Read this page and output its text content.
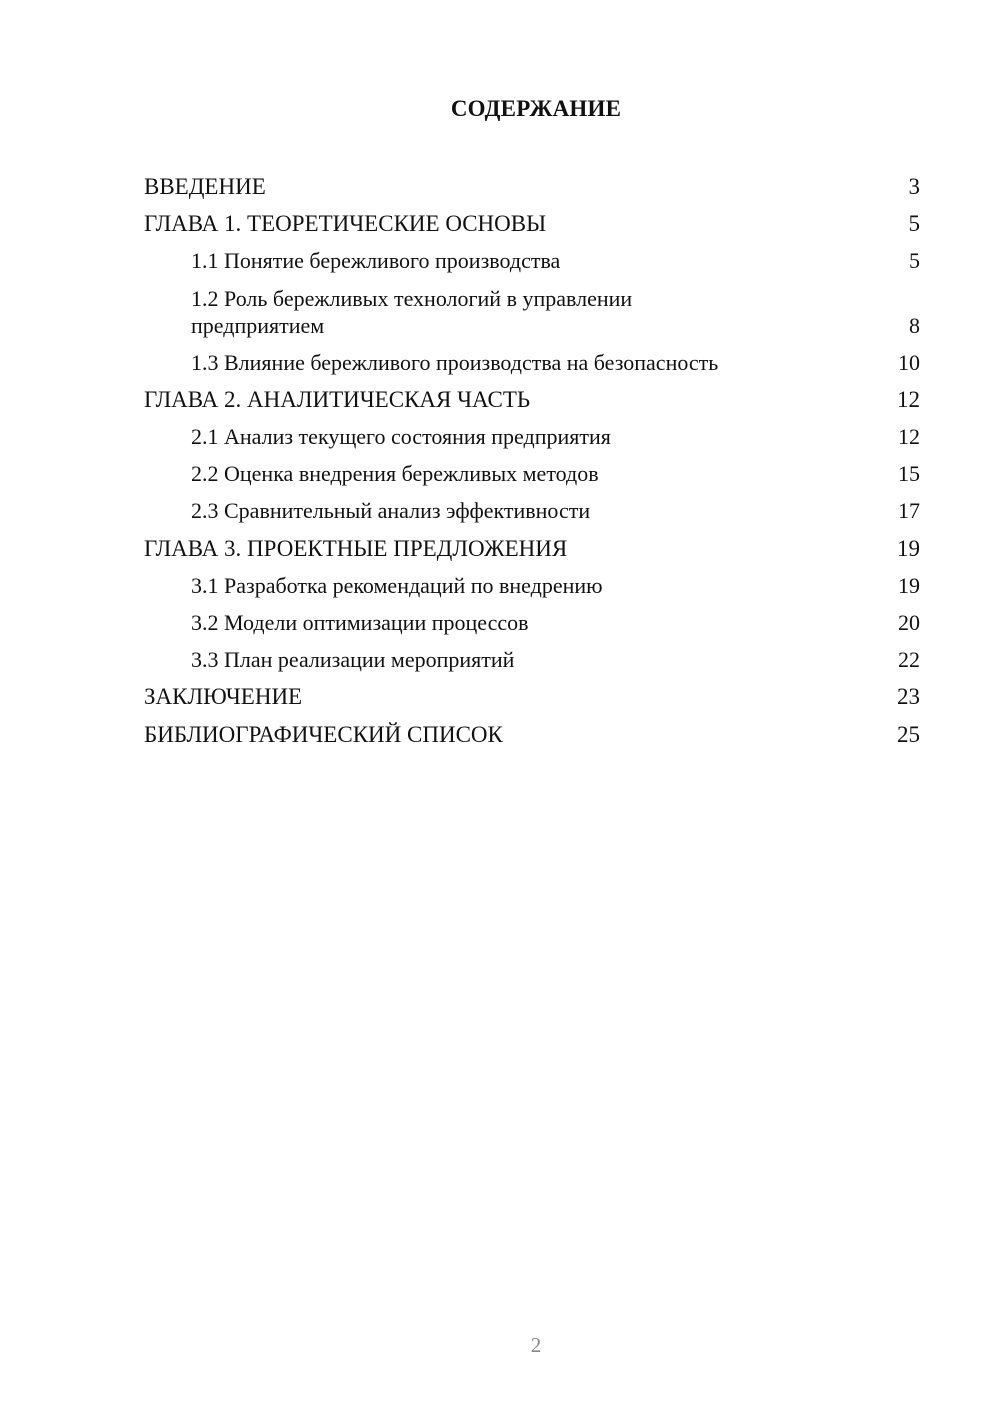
СОДЕРЖАНИЕ
ВВЕДЕНИЕ	3
ГЛАВА 1. ТЕОРЕТИЧЕСКИЕ ОСНОВЫ	5
1.1 Понятие бережливого производства	5
1.2 Роль бережливых технологий в управлении предприятием	8
1.3 Влияние бережливого производства на безопасность	10
ГЛАВА 2. АНАЛИТИЧЕСКАЯ ЧАСТЬ	12
2.1 Анализ текущего состояния предприятия	12
2.2 Оценка внедрения бережливых методов	15
2.3 Сравнительный анализ эффективности	17
ГЛАВА 3. ПРОЕКТНЫЕ ПРЕДЛОЖЕНИЯ	19
3.1 Разработка рекомендаций по внедрению	19
3.2 Модели оптимизации процессов	20
3.3 План реализации мероприятий	22
ЗАКЛЮЧЕНИЕ	23
БИБЛИОГРАФИЧЕСКИЙ СПИСОК	25
2
